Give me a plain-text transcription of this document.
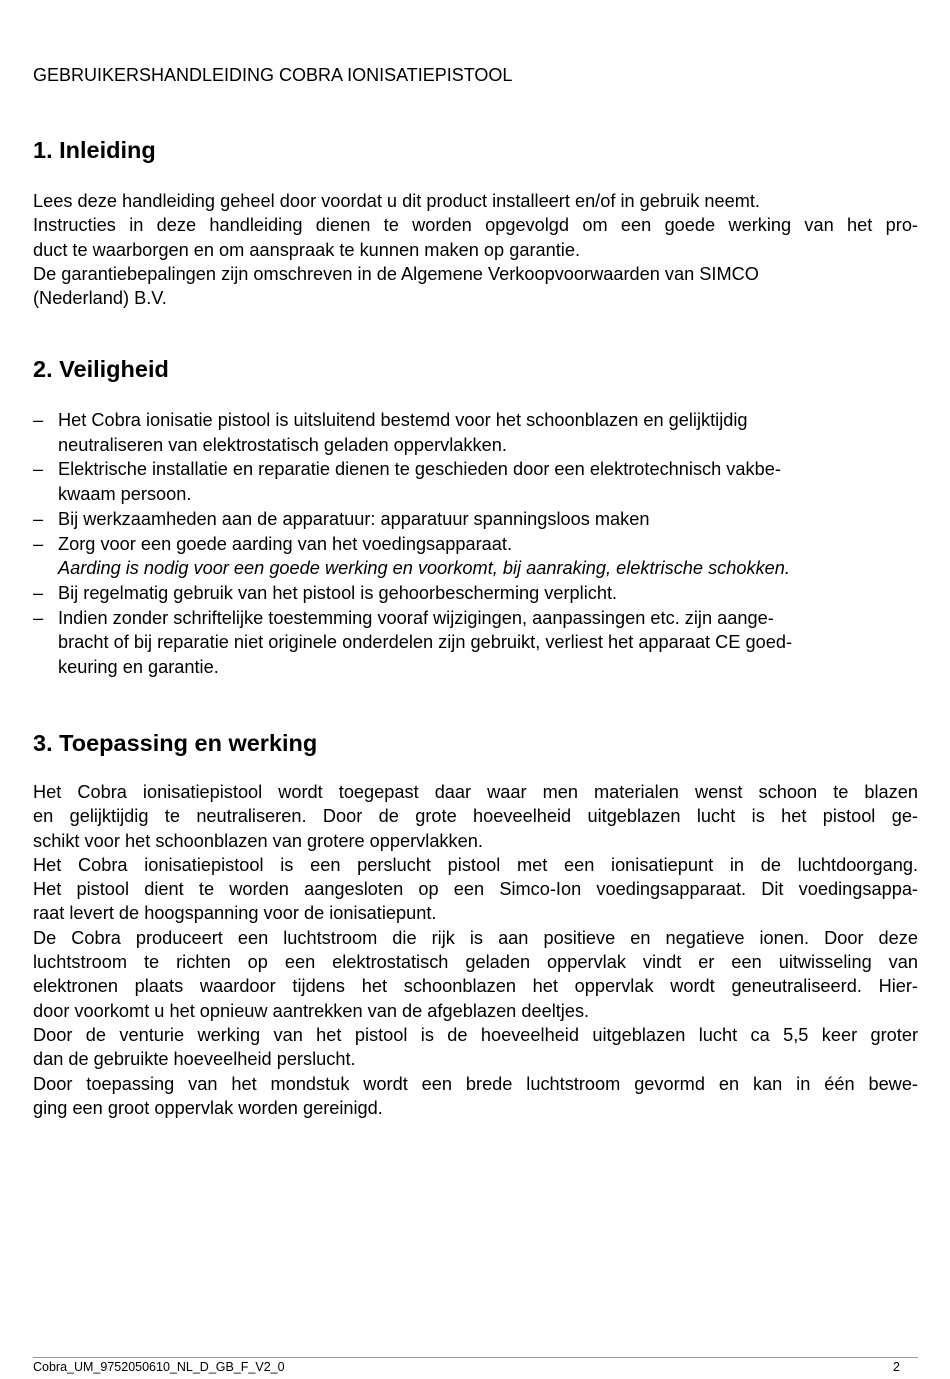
GEBRUIKERSHANDLEIDING COBRA IONISATIEPISTOOL
1. Inleiding
Lees deze handleiding geheel door voordat u dit product installeert en/of in gebruik neemt.
Instructies in deze handleiding dienen te worden opgevolgd om een goede werking van het pro-
duct te waarborgen en om aanspraak te kunnen maken op garantie.
De garantiebepalingen zijn omschreven in de Algemene Verkoopvoorwaarden van SIMCO
(Nederland) B.V.
2. Veiligheid
– Het Cobra ionisatie pistool is uitsluitend bestemd voor het schoonblazen en gelijktijdig
neutraliseren van elektrostatisch geladen oppervlakken.
– Elektrische installatie en reparatie dienen te geschieden door een elektrotechnisch vakbe-
kwaam persoon.
– Bij werkzaamheden aan de apparatuur: apparatuur spanningsloos maken
– Zorg voor een goede aarding van het voedingsapparaat.
Aarding is nodig voor een goede werking en voorkomt, bij aanraking, elektrische schokken.
– Bij regelmatig gebruik van het pistool is gehoorbescherming verplicht.
– Indien zonder schriftelijke toestemming vooraf wijzigingen, aanpassingen etc. zijn aange-
bracht of bij reparatie niet originele onderdelen zijn gebruikt, verliest het apparaat CE goed-
keuring en garantie.
3. Toepassing en werking
Het Cobra ionisatiepistool wordt toegepast daar waar men materialen wenst schoon te blazen
en gelijktijdig te neutraliseren. Door de grote hoeveelheid uitgeblazen lucht is het pistool ge-
schikt voor het schoonblazen van grotere oppervlakken.
Het Cobra ionisatiepistool is een perslucht pistool met een ionisatiepunt in de luchtdoorgang.
Het pistool dient te worden aangesloten op een Simco-Ion voedingsapparaat. Dit voedingsappa-
raat levert de hoogspanning voor de ionisatiepunt.
De Cobra produceert een luchtstroom die rijk is aan positieve en negatieve ionen. Door deze
luchtstroom te richten op een elektrostatisch geladen oppervlak vindt er een uitwisseling van
elektronen plaats waardoor tijdens het schoonblazen het oppervlak wordt geneutraliseerd. Hier-
door voorkomt u het opnieuw aantrekken van de afgeblazen deeltjes.
Door de venturie werking van het pistool is de hoeveelheid uitgeblazen lucht ca 5,5 keer groter
dan de gebruikte hoeveelheid perslucht.
Door toepassing van het mondstuk wordt een brede luchtstroom gevormd en kan in één bewe-
ging een groot oppervlak worden gereinigd.
Cobra_UM_9752050610_NL_D_GB_F_V2_0	2
